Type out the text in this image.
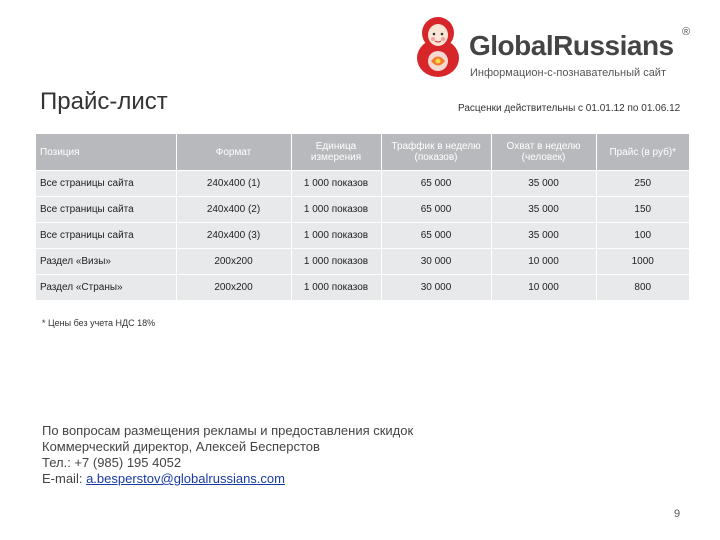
GlobalRussians ®
Информацион-с-познавательный сайт
Прайс-лист	Расценки действительны с 01.01.12 по 01.06.12
Позиция	Формат	Единица измерения	Траффик в неделю (показов)	Охват в неделю (человек)	Прайс (в руб)*
Все страницы сайта	240x400 (1)	1 000 показов	65 000	35 000	250
Все страницы сайта	240x400 (2)	1 000 показов	65 000	35 000	150
Все страницы сайта	240x400 (3)	1 000 показов	65 000	35 000	100
Раздел «Визы»	200x200	1 000 показов	30 000	10 000	1000
Раздел «Страны»	200x200	1 000 показов	30 000	10 000	800
* Цены без учета НДС 18%
По вопросам размещения рекламы и предоставления скидок
Коммерческий директор, Алексей Бесперстов
Тел.: +7 (985) 195 4052
E-mail: a.besperstov@globalrussians.com
9
